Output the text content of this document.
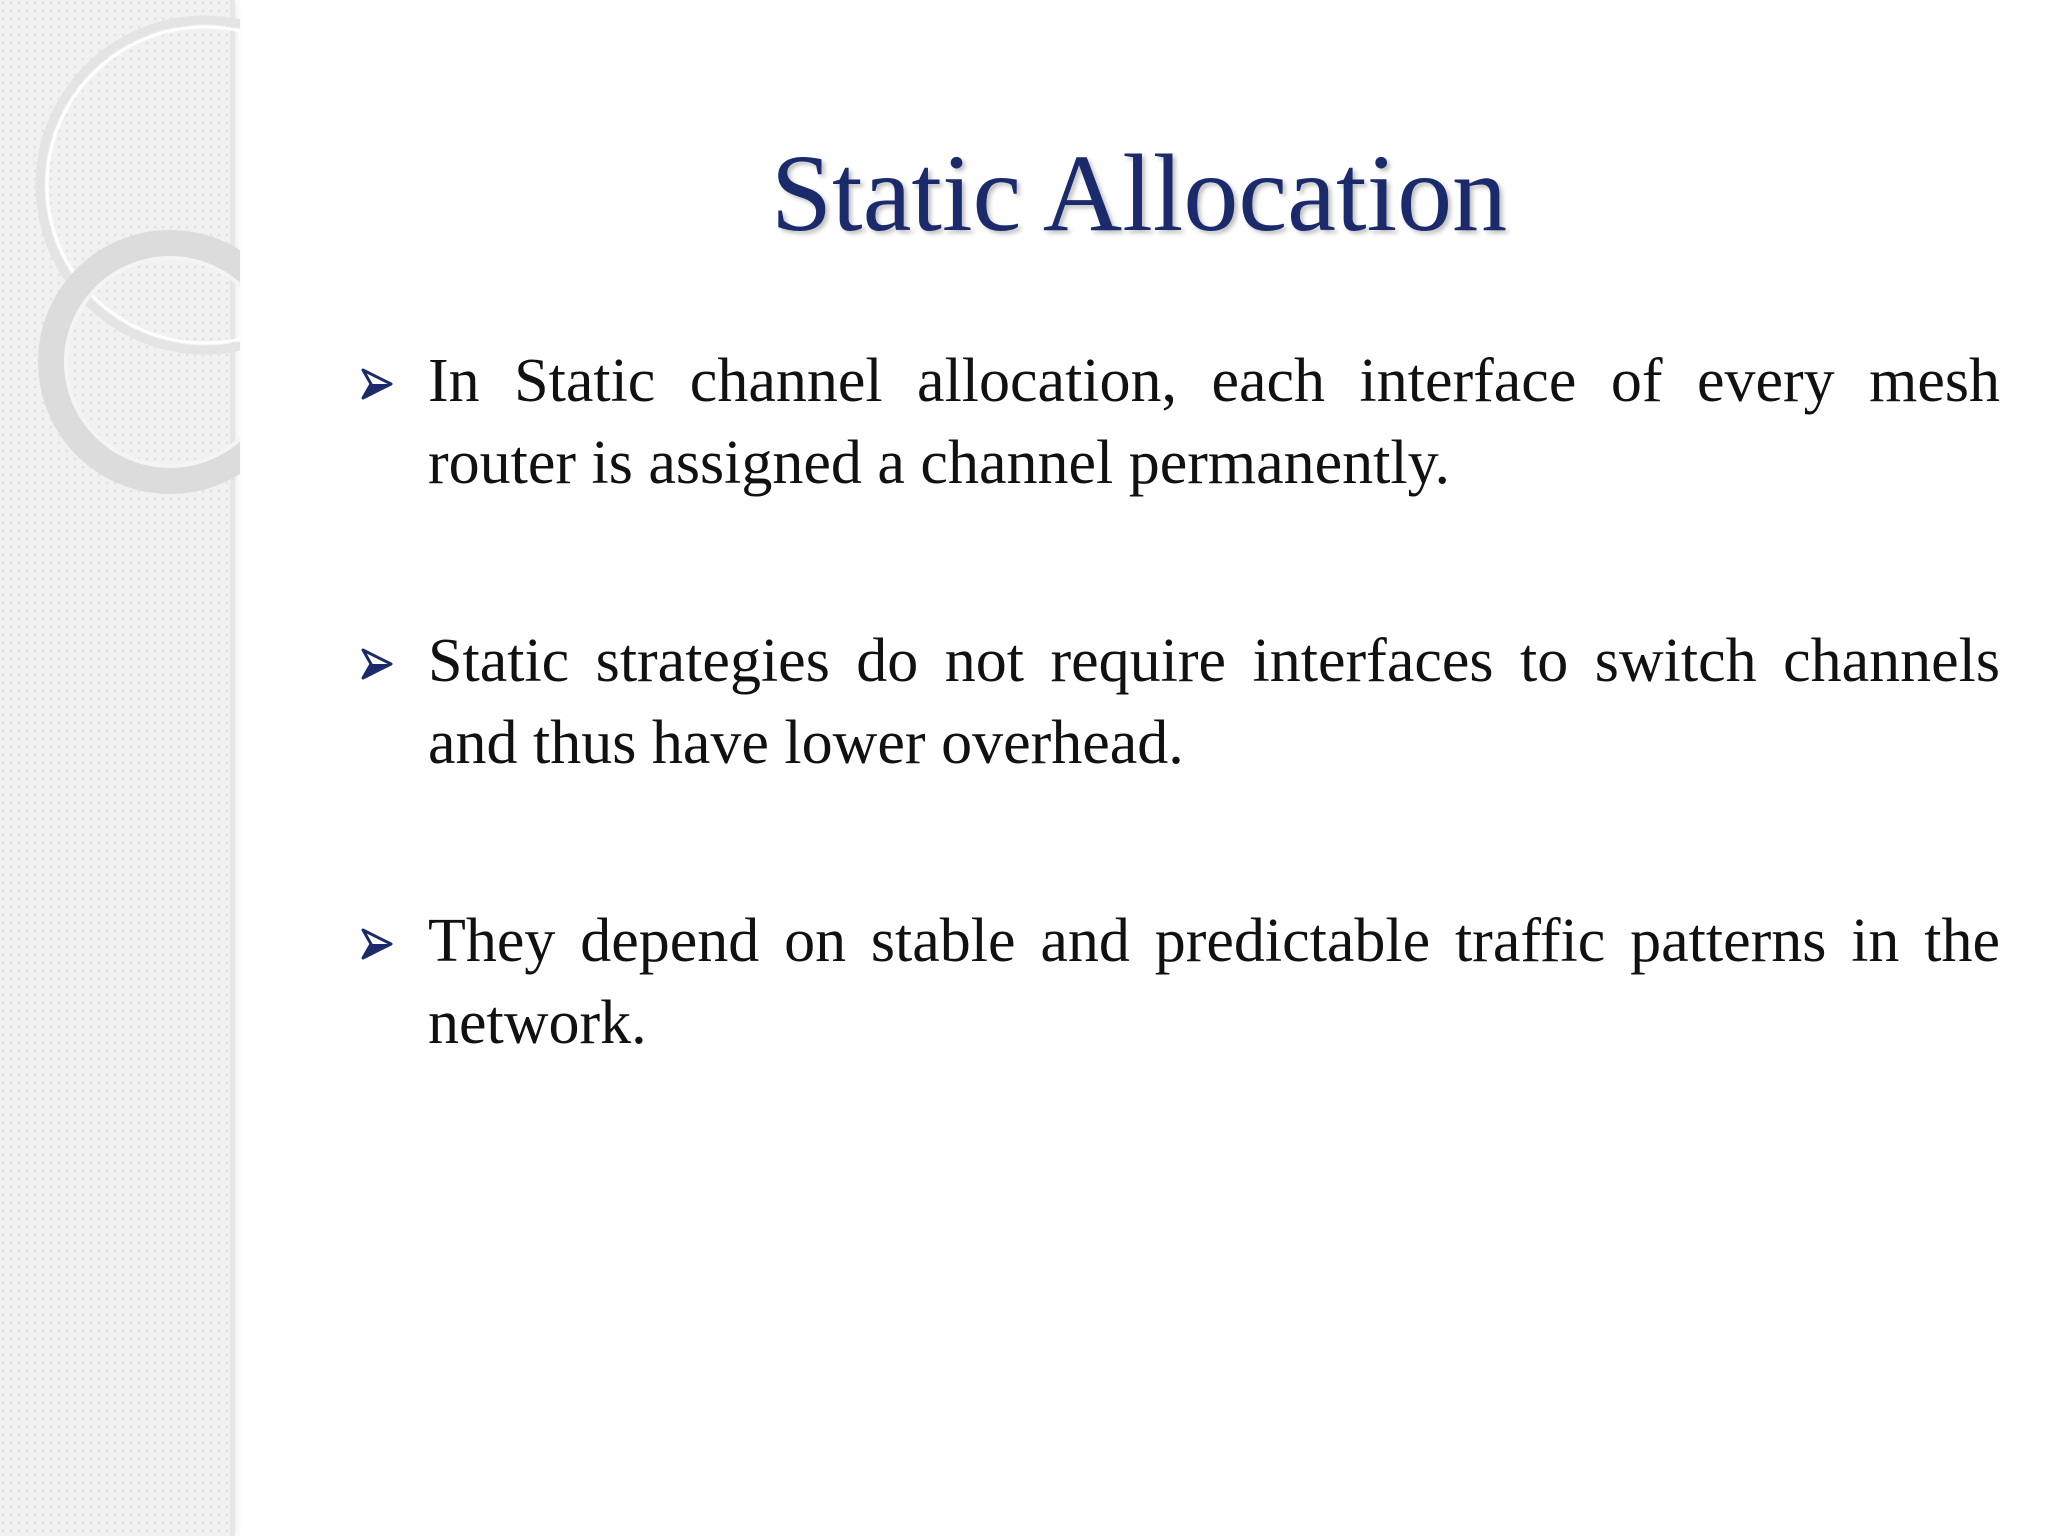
Static Allocation
In Static channel allocation, each interface of every mesh router is assigned a channel permanently.
Static strategies do not require interfaces to switch channels and thus have lower overhead.
They depend on stable and predictable traffic patterns in the network.
